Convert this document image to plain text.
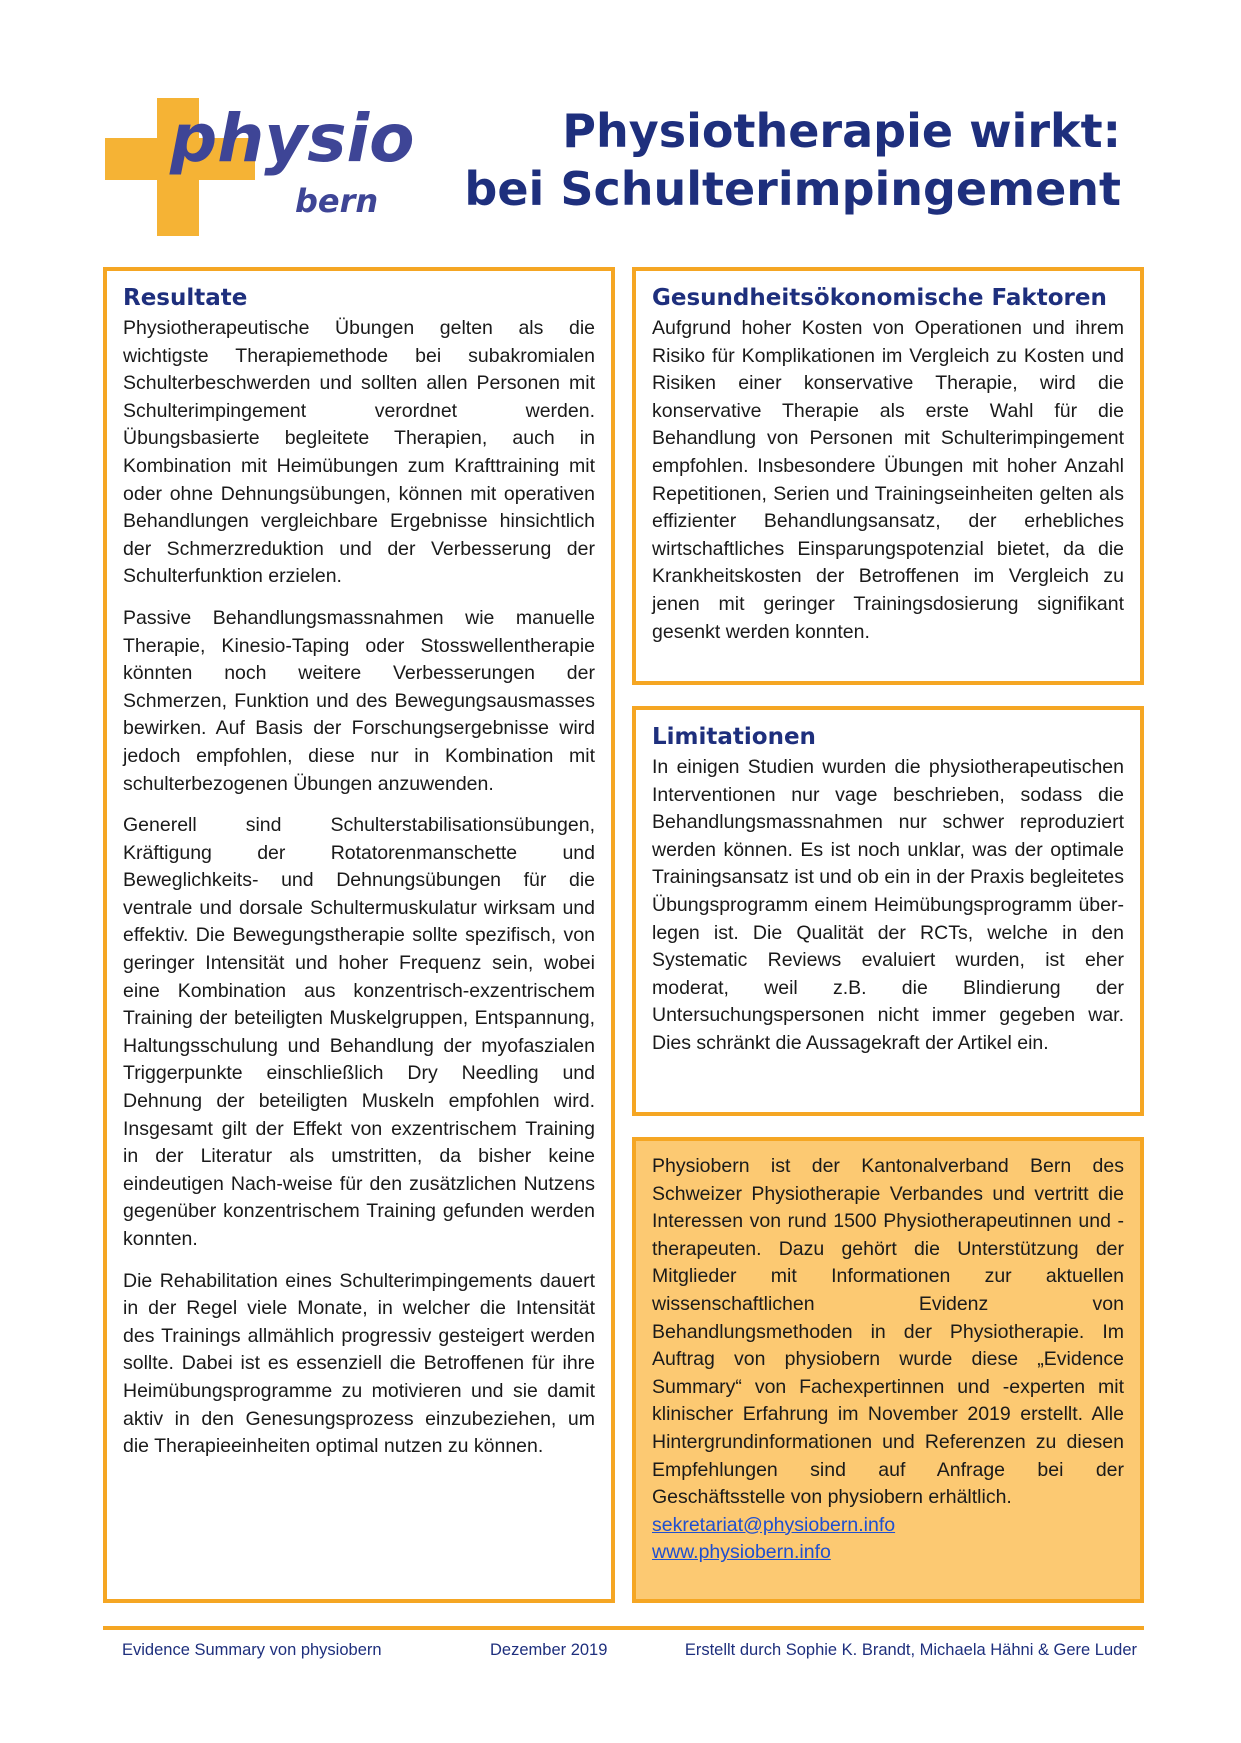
physio
bern
Physiotherapie wirkt:
bei Schulterimpingement
Resultate

Physiotherapeutische Übungen gelten als die wichtigste Therapiemethode bei subakromialen Schulterbeschwerden und sollten allen Personen mit Schulterimpingement verordnet werden. Übungsbasierte begleitete Therapien, auch in Kombination mit Heimübungen zum Krafttraining mit oder ohne Dehnungsübungen, können mit operativen Behandlungen vergleichbare Ergebnisse hinsichtlich der Schmerzreduktion und der Verbesserung der Schulterfunktion erzielen.

Passive Behandlungsmassnahmen wie manuelle Therapie, Kinesio-Taping oder Stosswellentherapie könnten noch weitere Verbesserungen der Schmerzen, Funktion und des Bewegungsausmasses bewirken. Auf Basis der Forschungsergebnisse wird jedoch empfohlen, diese nur in Kombination mit schulterbezogenen Übungen anzuwenden.

Generell sind Schulterstabilisationsübungen, Kräftigung der Rotatorenmanschette und Beweglichkeits- und Dehnungsübungen für die ventrale und dorsale Schultermuskulatur wirksam und effektiv. Die Bewegungstherapie sollte spezifisch, von geringer Intensität und hoher Frequenz sein, wobei eine Kombination aus konzentrisch-exzentrischem Training der beteiligten Muskelgruppen, Entspannung, Haltungsschulung und Behandlung der myofaszialen Triggerpunkte einschließlich Dry Needling und Dehnung der beteiligten Muskeln empfohlen wird. Insgesamt gilt der Effekt von exzentrischem Training in der Literatur als umstritten, da bisher keine eindeutigen Nach-weise für den zusätzlichen Nutzens gegenüber konzentrischem Training gefunden werden konnten.

Die Rehabilitation eines Schulterimpingements dauert in der Regel viele Monate, in welcher die Intensität des Trainings allmählich progressiv gesteigert werden sollte. Dabei ist es essenziell die Betroffenen für ihre Heimübungsprogramme zu motivieren und sie damit aktiv in den Genesungsprozess einzubeziehen, um die Therapieeinheiten optimal nutzen zu können.

Gesundheitsökonomische Faktoren

Aufgrund hoher Kosten von Operationen und ihrem Risiko für Komplikationen im Vergleich zu Kosten und Risiken einer konservative Therapie, wird die konservative Therapie als erste Wahl für die Behandlung von Personen mit Schulterimpingement empfohlen. Insbesondere Übungen mit hoher Anzahl Repetitionen, Serien und Trainingseinheiten gelten als effizienter Behandlungsansatz, der erhebliches wirtschaftliches Einsparungspotenzial bietet, da die Krankheitskosten der Betroffenen im Vergleich zu jenen mit geringer Trainingsdosierung signifikant gesenkt werden konnten.

Limitationen

In einigen Studien wurden die physiotherapeutischen Interventionen nur vage beschrieben, sodass die Behandlungsmassnahmen nur schwer reproduziert werden können. Es ist noch unklar, was der optimale Trainingsansatz ist und ob ein in der Praxis begleitetes Übungsprogramm einem Heimübungsprogramm überlegen ist. Die Qualität der RCTs, welche in den Systematic Reviews evaluiert wurden, ist eher moderat, weil z.B. die Blindierung der Untersuchungspersonen nicht immer gegeben war. Dies schränkt die Aussagekraft der Artikel ein.

Physiobern ist der Kantonalverband Bern des Schweizer Physiotherapie Verbandes und vertritt die Interessen von rund 1500 Physiotherapeutinnen und -therapeuten. Dazu gehört die Unterstützung der Mitglieder mit Informationen zur aktuellen wissenschaftlichen Evidenz von Behandlungsmethoden in der Physiotherapie. Im Auftrag von physiobern wurde diese „Evidence Summary“ von Fachexpertinnen und -experten mit klinischer Erfahrung im November 2019 erstellt. Alle Hintergrundinformationen und Referenzen zu diesen Empfehlungen sind auf Anfrage bei der Geschäftsstelle von physiobern erhältlich.

sekretariat@physiobern.info
www.physiobern.info
Evidence Summary von physiobern	Dezember 2019	Erstellt durch Sophie K. Brandt, Michaela Hähni & Gere Luder
